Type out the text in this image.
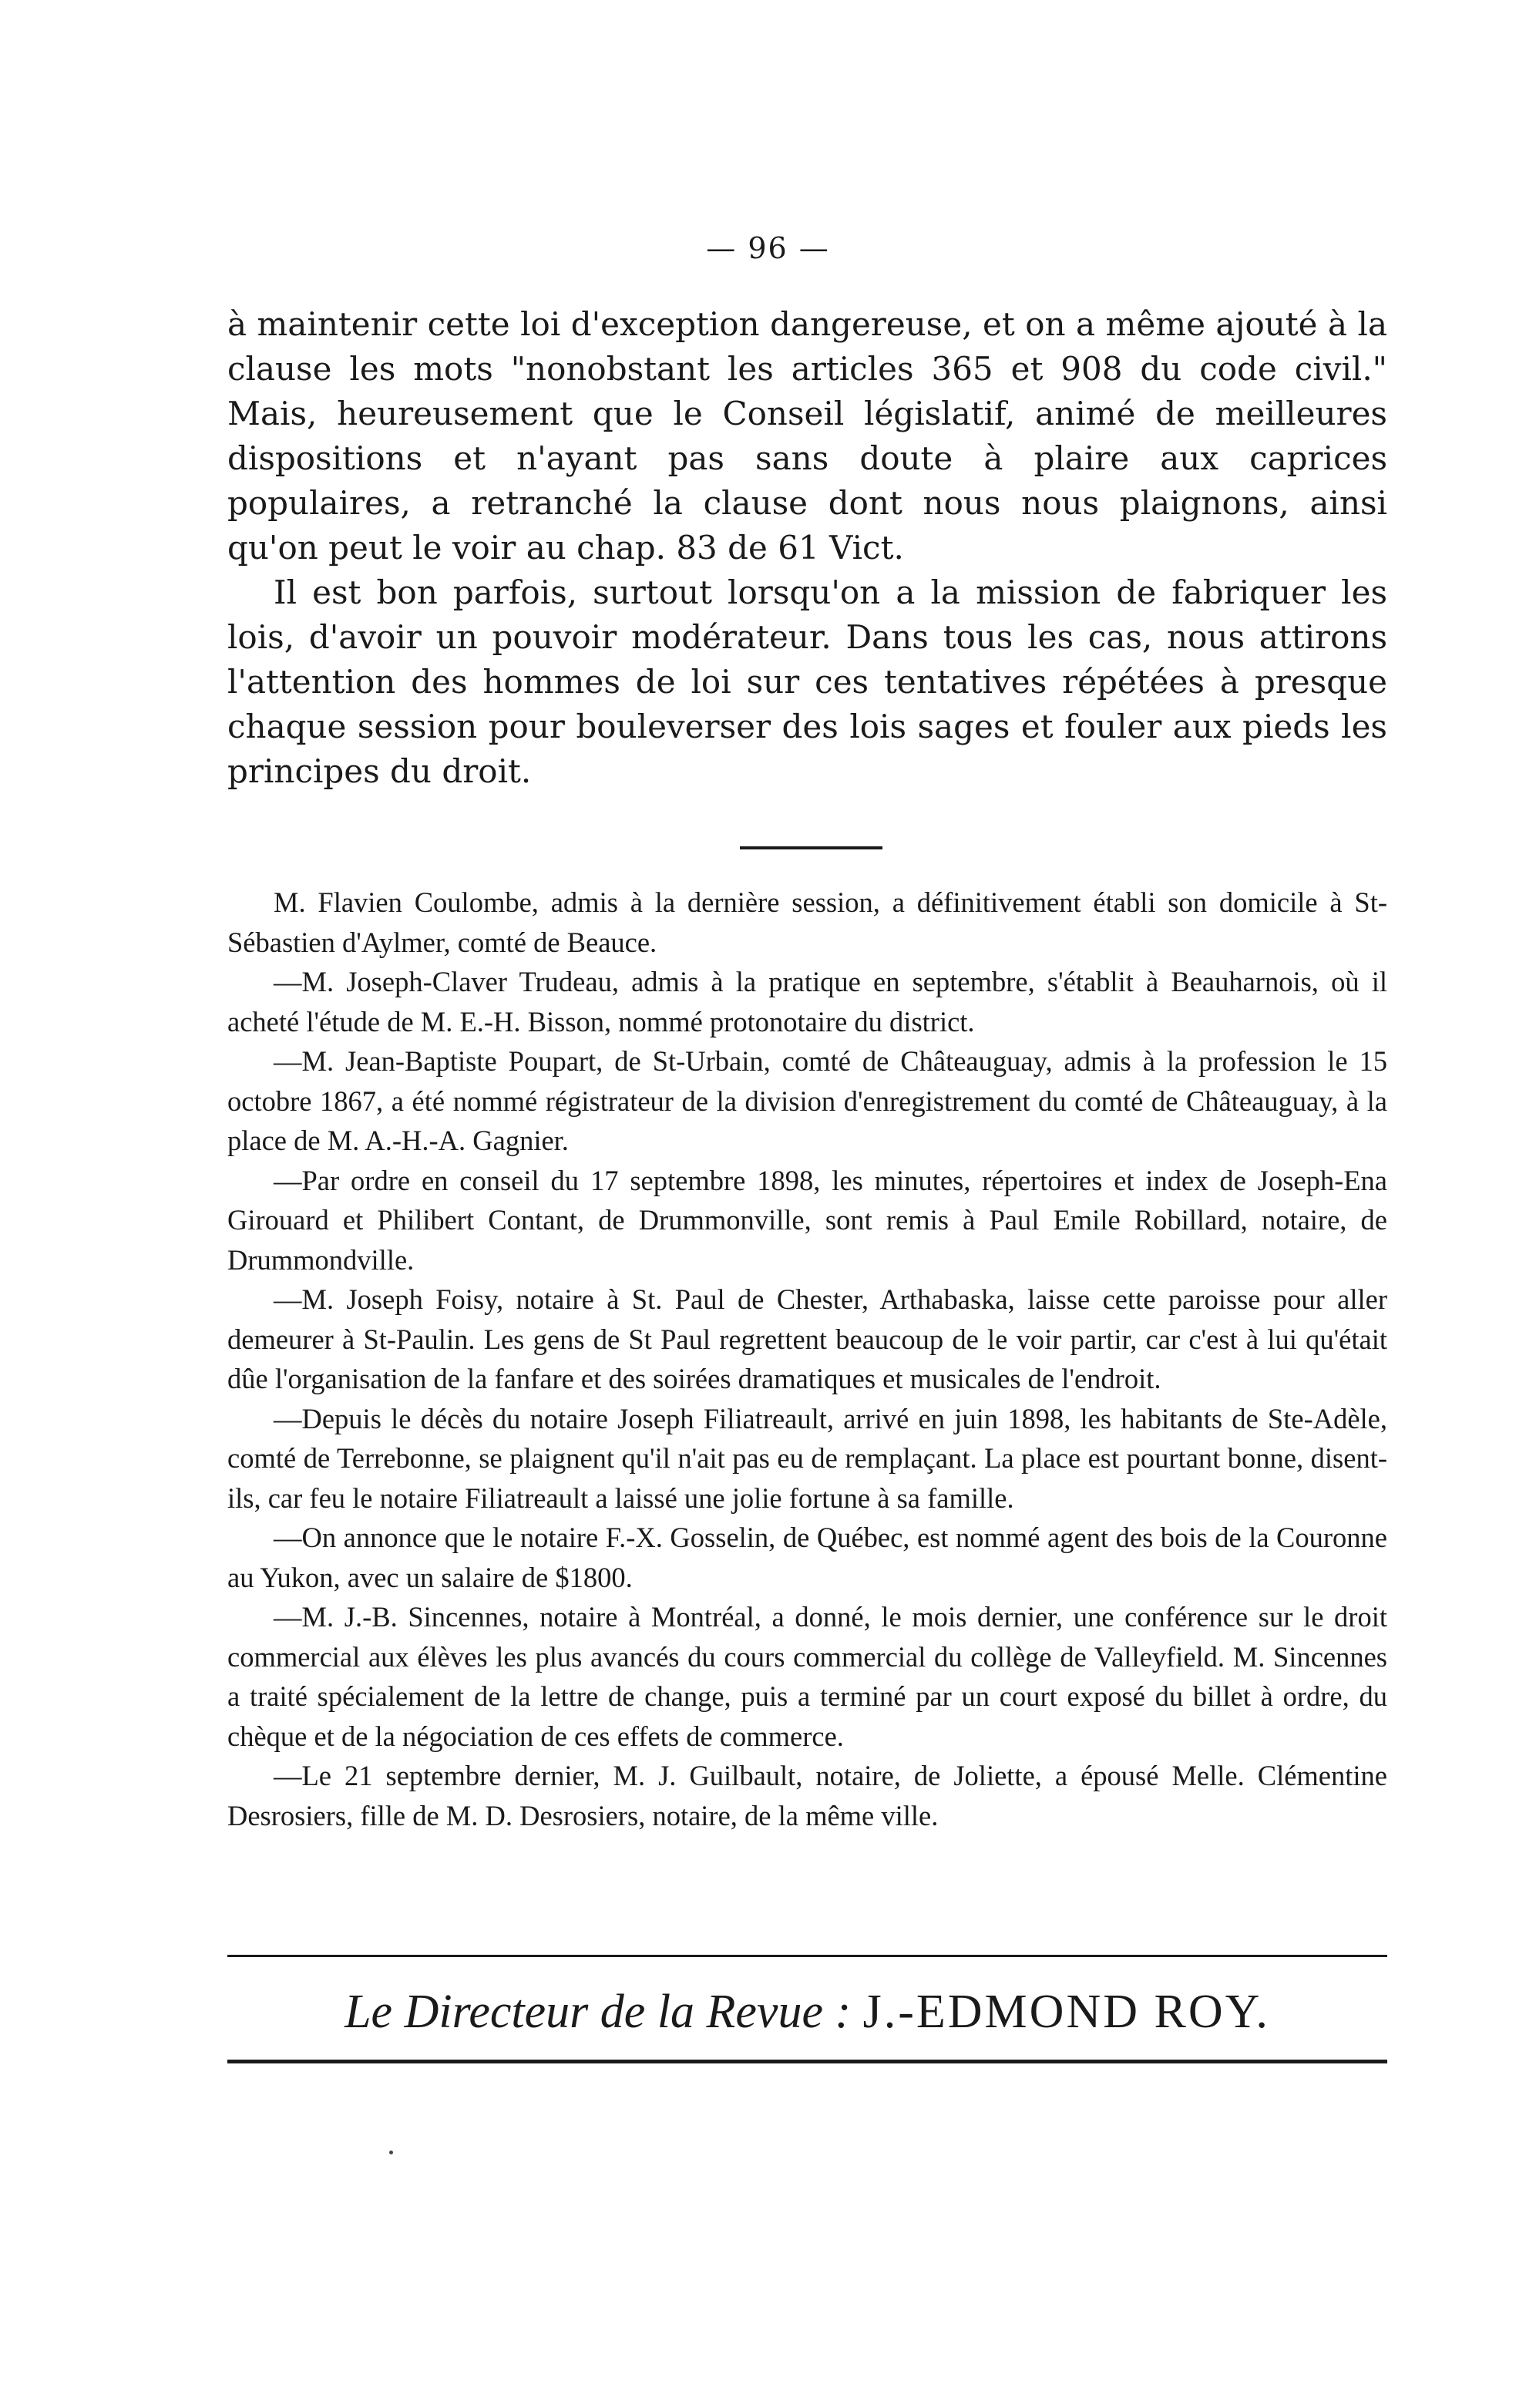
— 96 —

à maintenir cette loi d'exception dangereuse, et on a même ajouté à la clause les mots "nonobstant les articles 365 et 908 du code civil." Mais, heureusement que le Conseil législatif, animé de meilleures dispositions et n'ayant pas sans doute à plaire aux caprices populaires, a retranché la clause dont nous nous plaignons, ainsi qu'on peut le voir au chap. 83 de 61 Vict.

Il est bon parfois, surtout lorsqu'on a la mission de fabriquer les lois, d'avoir un pouvoir modérateur. Dans tous les cas, nous attirons l'attention des hommes de loi sur ces tentatives répétées à presque chaque session pour bouleverser des lois sages et fouler aux pieds les principes du droit.

M. Flavien Coulombe, admis à la dernière session, a définitivement établi son domicile à St-Sébastien d'Aylmer, comté de Beauce.

—M. Joseph-Claver Trudeau, admis à la pratique en septembre, s'établit à Beauharnois, où il acheté l'étude de M. E.-H. Bisson, nommé protonotaire du district.

—M. Jean-Baptiste Poupart, de St-Urbain, comté de Châteauguay, admis à la profession le 15 octobre 1867, a été nommé régistrateur de la division d'enregistrement du comté de Châteauguay, à la place de M. A.-H.-A. Gagnier.

—Par ordre en conseil du 17 septembre 1898, les minutes, répertoires et index de Joseph-Ena Girouard et Philibert Contant, de Drummonville, sont remis à Paul Emile Robillard, notaire, de Drummondville.

—M. Joseph Foisy, notaire à St. Paul de Chester, Arthabaska, laisse cette paroisse pour aller demeurer à St-Paulin. Les gens de St Paul regrettent beaucoup de le voir partir, car c'est à lui qu'était dûe l'organisation de la fanfare et des soirées dramatiques et musicales de l'endroit.

—Depuis le décès du notaire Joseph Filiatreault, arrivé en juin 1898, les habitants de Ste-Adèle, comté de Terrebonne, se plaignent qu'il n'ait pas eu de remplaçant. La place est pourtant bonne, disent-ils, car feu le notaire Filiatreault a laissé une jolie fortune à sa famille.

—On annonce que le notaire F.-X. Gosselin, de Québec, est nommé agent des bois de la Couronne au Yukon, avec un salaire de $1800.

—M. J.-B. Sincennes, notaire à Montréal, a donné, le mois dernier, une conférence sur le droit commercial aux élèves les plus avancés du cours commercial du collège de Valleyfield. M. Sincennes a traité spécialement de la lettre de change, puis a terminé par un court exposé du billet à ordre, du chèque et de la négociation de ces effets de commerce.

—Le 21 septembre dernier, M. J. Guilbault, notaire, de Joliette, a épousé Melle. Clémentine Desrosiers, fille de M. D. Desrosiers, notaire, de la même ville.

Le Directeur de la Revue : J.-EDMOND ROY.
